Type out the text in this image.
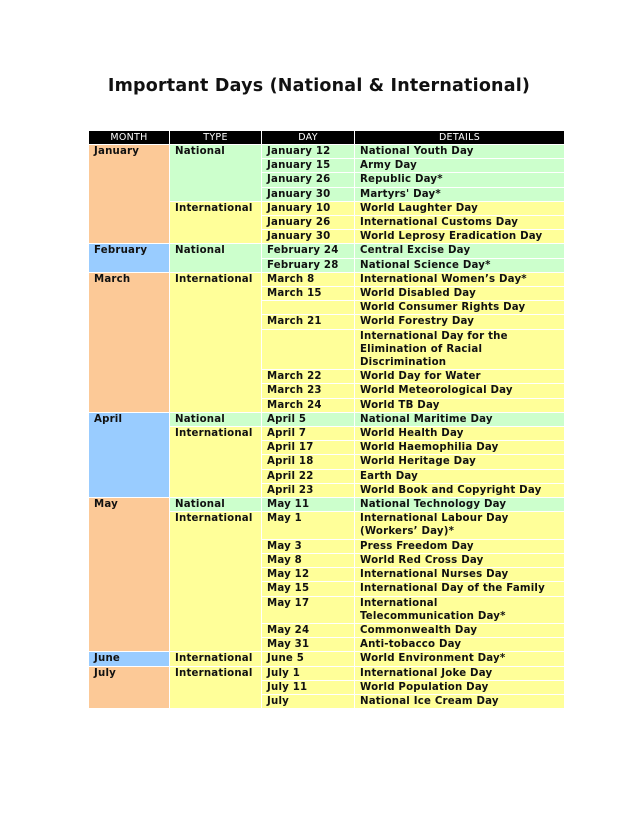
Important Days (National & International)
MONTH	TYPE	DAY	DETAILS
January	National	January 12	National Youth Day

		January 15	Army Day

		January 26	Republic Day*

		January 30	Martyrs' Day*

	International	January 10	World Laughter Day

		January 26	International Customs Day

		January 30	World Leprosy Eradication Day

February	National	February 24	Central Excise Day

		February 28	National Science Day*

March	International	March 8	International Women’s Day*

		March 15	World Disabled Day

			World Consumer Rights Day

		March 21	World Forestry Day

			International Day for the
Elimination of Racial
Discrimination

		March 22	World Day for Water

		March 23	World Meteorological Day

		March 24	World TB Day

April	National	April 5	National Maritime Day

	International	April 7	World Health Day

		April 17	World Haemophilia Day

		April 18	World Heritage Day

		April 22	Earth Day

		April 23	World Book and Copyright Day

May	National	May 11	National Technology Day

	International	May 1	International Labour Day
(Workers’ Day)*

		May 3	Press Freedom Day

		May 8	World Red Cross Day

		May 12	International Nurses Day

		May 15	International Day of the Family

		May 17	International
Telecommunication Day*

		May 24	Commonwealth Day

		May 31	Anti-tobacco Day

June	International	June 5	World Environment Day*

July	International	July 1	International Joke Day

		July 11	World Population Day

		July	National Ice Cream Day
